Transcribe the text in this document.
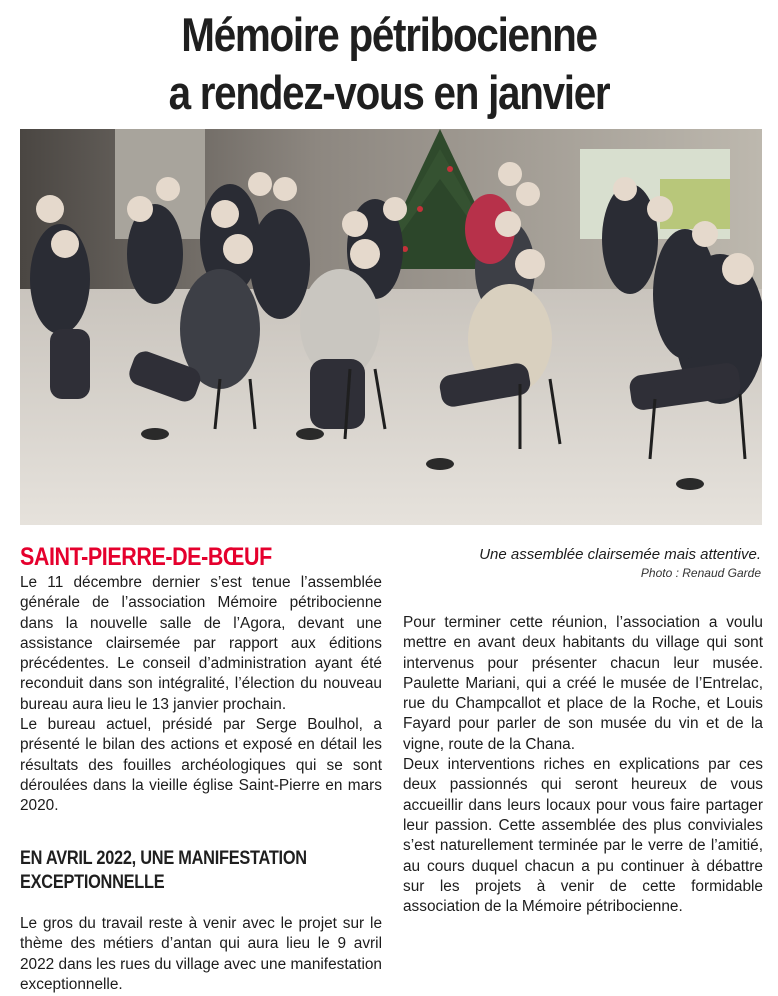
Mémoire pétribocienne
a rendez-vous en janvier
SAINT-PIERRE-DE-BŒUF	Une assemblée clairsemée mais attentive.
Photo : Renaud Garde

Le 11 décembre dernier s’est tenue l’assemblée générale de l’association Mémoire pétribocienne dans la nouvelle salle de l’Agora, devant une assistance clairsemée par rapport aux éditions précédentes. Le conseil d’administration ayant été reconduit dans son intégralité, l’élection du nouveau bureau aura lieu le 13 janvier prochain.

Le bureau actuel, présidé par Serge Boulhol, a présenté le bilan des actions et exposé en détail les résultats des fouilles archéologiques qui se sont déroulées dans la vieille église Saint-Pierre en mars 2020.

EN AVRIL 2022, UNE MANIFESTATION EXCEPTIONNELLE

Le gros du travail reste à venir avec le projet sur le thème des métiers d’antan qui aura lieu le 9 avril 2022 dans les rues du village avec une manifestation exceptionnelle.

Pour terminer cette réunion, l’association a voulu mettre en avant deux habitants du village qui sont intervenus pour présenter chacun leur musée. Paulette Mariani, qui a créé le musée de l’Entrelac, rue du Champcallot et place de la Roche, et Louis Fayard pour parler de son musée du vin et de la vigne, route de la Chana.

Deux interventions riches en explications par ces deux passionnés qui seront heureux de vous accueillir dans leurs locaux pour vous faire partager leur passion. Cette assemblée des plus conviviales s’est naturellement terminée par le verre de l’amitié, au cours duquel chacun a pu continuer à débattre sur les projets à venir de cette formidable association de la Mémoire pétribocienne.
